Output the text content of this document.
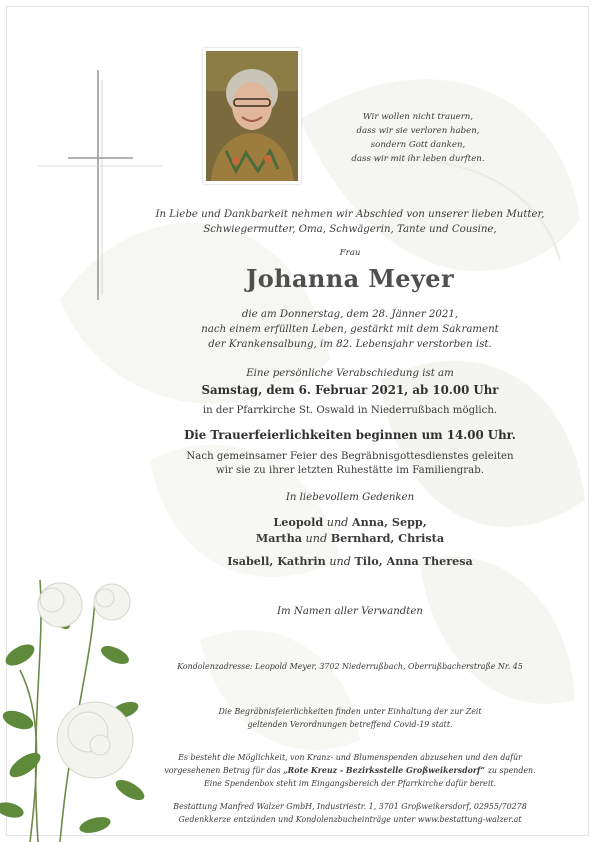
Wir wollen nicht trauern,

dass wir sie verloren haben,

sondern Gott danken,

dass wir mit ihr leben durften.

In Liebe und Dankbarkeit nehmen wir Abschied von unserer lieben Mutter,

Schwiegermutter, Oma, Schwägerin, Tante und Cousine,

Frau

Johanna Meyer

die am Donnerstag, dem 28. Jänner 2021,

nach einem erfüllten Leben, gestärkt mit dem Sakrament

der Krankensalbung, im 82. Lebensjahr verstorben ist.

Eine persönliche Verabschiedung ist am

Samstag, dem 6. Februar 2021, ab 10.00 Uhr

in der Pfarrkirche St. Oswald in Niederrußbach möglich.

Die Trauerfeierlichkeiten beginnen um 14.00 Uhr.

Nach gemeinsamer Feier des Begräbnisgottesdienstes geleiten

wir sie zu ihrer letzten Ruhestätte im Familiengrab.

In liebevollem Gedenken

Leopold und Anna, Sepp,

Martha und Bernhard, Christa

Isabell, Kathrin und Tilo, Anna Theresa

Im Namen aller Verwandten

Kondolenzadresse: Leopold Meyer, 3702 Niederrußbach, Oberrußbacherstraße Nr. 45

Die Begräbnisfeierlichkeiten finden unter Einhaltung der zur Zeit

geltenden Verordnungen betreffend Covid-19 statt.

Es besteht die Möglichkeit, von Kranz- und Blumenspenden abzusehen und den dafür

vorgesehenen Betrag für das „Rote Kreuz - Bezirksstelle Großweikersdorf“ zu spenden.

Eine Spendenbox steht im Eingangsbereich der Pfarrkirche dafür bereit.

Bestattung Manfred Walzer GmbH, Industriestr. 1, 3701 Großweikersdorf, 02955/70278

Gedenkkerze entzünden und Kondolenzbucheinträge unter www.bestattung-walzer.at
